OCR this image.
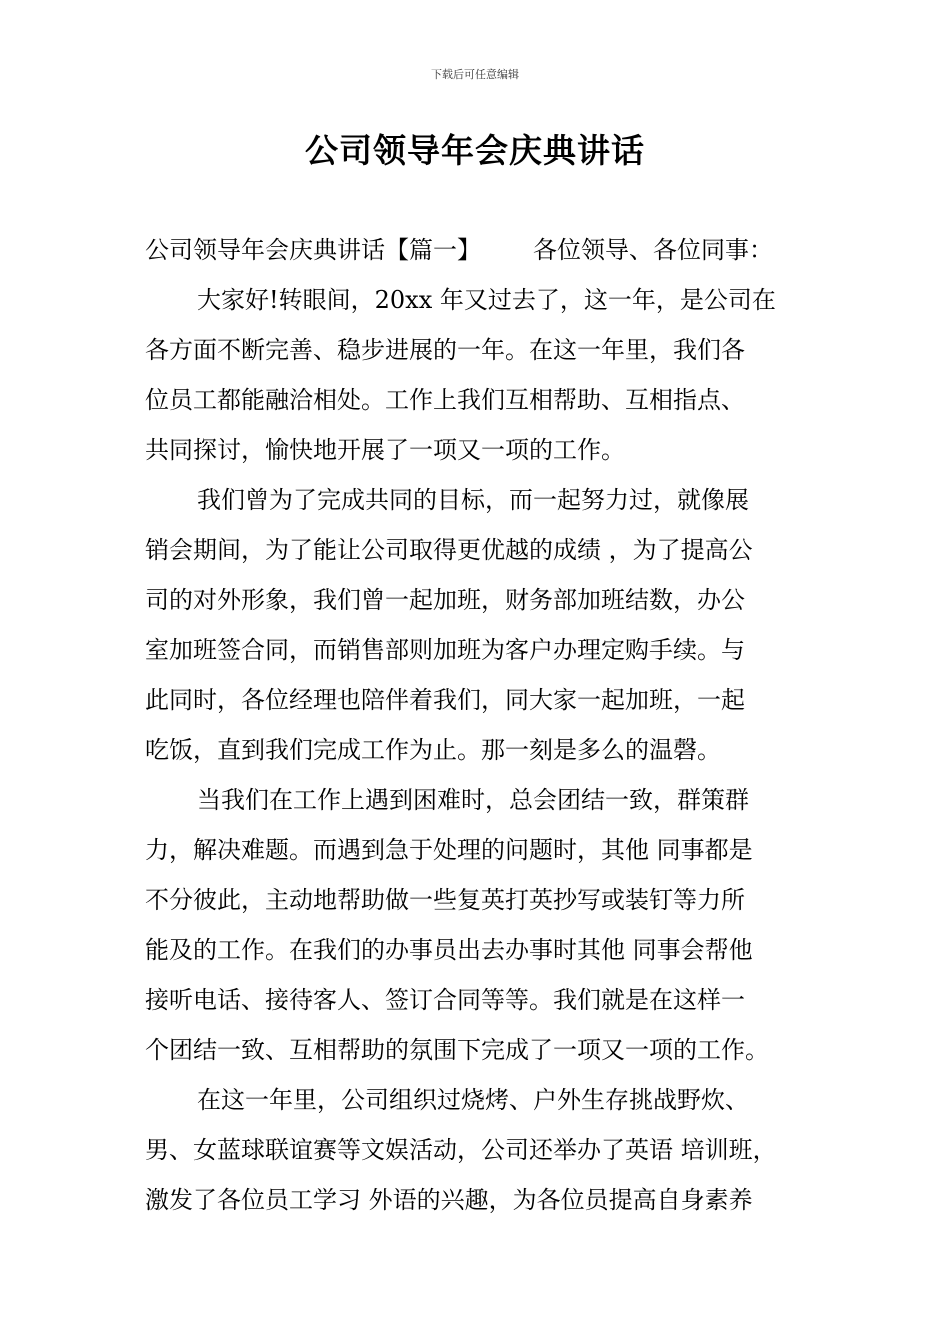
下载后可任意编辑
公司领导年会庆典讲话
公司领导年会庆典讲话【篇一】 各位领导、各位同事：
大家好!转眼间，20xx 年又过去了，这一年，是公司在
各方面不断完善、稳步进展的一年。在这一年里，我们各
位员工都能融洽相处。工作上我们互相帮助、互相指点、
共同探讨，愉快地开展了一项又一项的工作。
我们曾为了完成共同的目标，而一起努力过，就像展
销会期间，为了能让公司取得更优越的成绩 ，为了提高公
司的对外形象，我们曾一起加班，财务部加班结数，办公
室加班签合同，而销售部则加班为客户办理定购手续。与
此同时，各位经理也陪伴着我们，同大家一起加班，一起
吃饭，直到我们完成工作为止。那一刻是多么的温磬。
当我们在工作上遇到困难时，总会团结一致，群策群
力，解决难题。而遇到急于处理的问题时，其他 同事都是
不分彼此，主动地帮助做一些复英打英抄写或装钉等力所
能及的工作。在我们的办事员出去办事时其他 同事会帮他
接听电话、接待客人、签订合同等等。我们就是在这样一
个团结一致、互相帮助的氛围下完成了一项又一项的工作。
在这一年里，公司组织过烧烤、户外生存挑战野炊、
男、女蓝球联谊赛等文娱活动，公司还举办了英语 培训班，
激发了各位员工学习 外语的兴趣，为各位员提高自身素养
